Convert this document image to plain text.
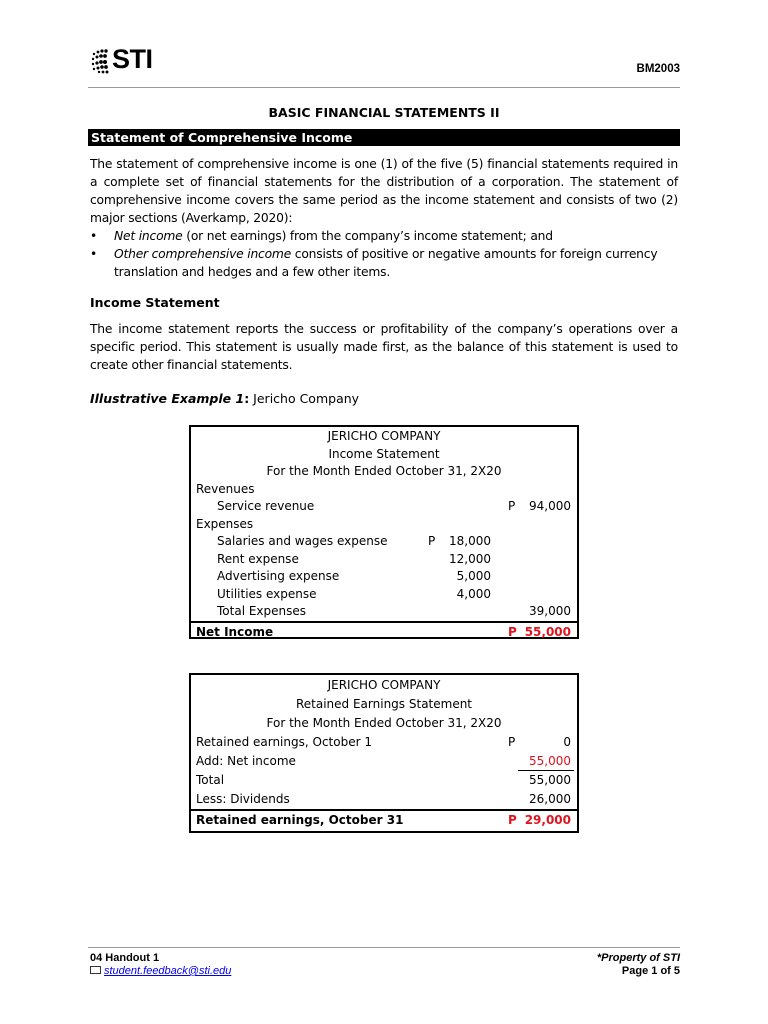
STI	BM2003
BASIC FINANCIAL STATEMENTS II
Statement of Comprehensive Income
The statement of comprehensive income is one (1) of the five (5) financial statements required in a complete set of financial statements for the distribution of a corporation. The statement of comprehensive income covers the same period as the income statement and consists of two (2) major sections (Averkamp, 2020):
• Net income (or net earnings) from the company’s income statement; and
• Other comprehensive income consists of positive or negative amounts for foreign currency translation and hedges and a few other items.
Income Statement
The income statement reports the success or profitability of the company’s operations over a specific period. This statement is usually made first, as the balance of this statement is used to create other financial statements.
Illustrative Example 1: Jericho Company
JERICHO COMPANY
Income Statement
For the Month Ended October 31, 2X20
Revenues
Service revenue	P 94,000
Expenses
Salaries and wages expense	P 18,000
Rent expense	12,000
Advertising expense	5,000
Utilities expense	4,000
Total Expenses	39,000
Net Income	P 55,000
JERICHO COMPANY
Retained Earnings Statement
For the Month Ended October 31, 2X20
Retained earnings, October 1	P	0
Add: Net income	55,000
Total	55,000
Less: Dividends	26,000
Retained earnings, October 31	P 29,000
04 Handout 1
student.feedback@sti.edu
*Property of STI
Page 1 of 5
